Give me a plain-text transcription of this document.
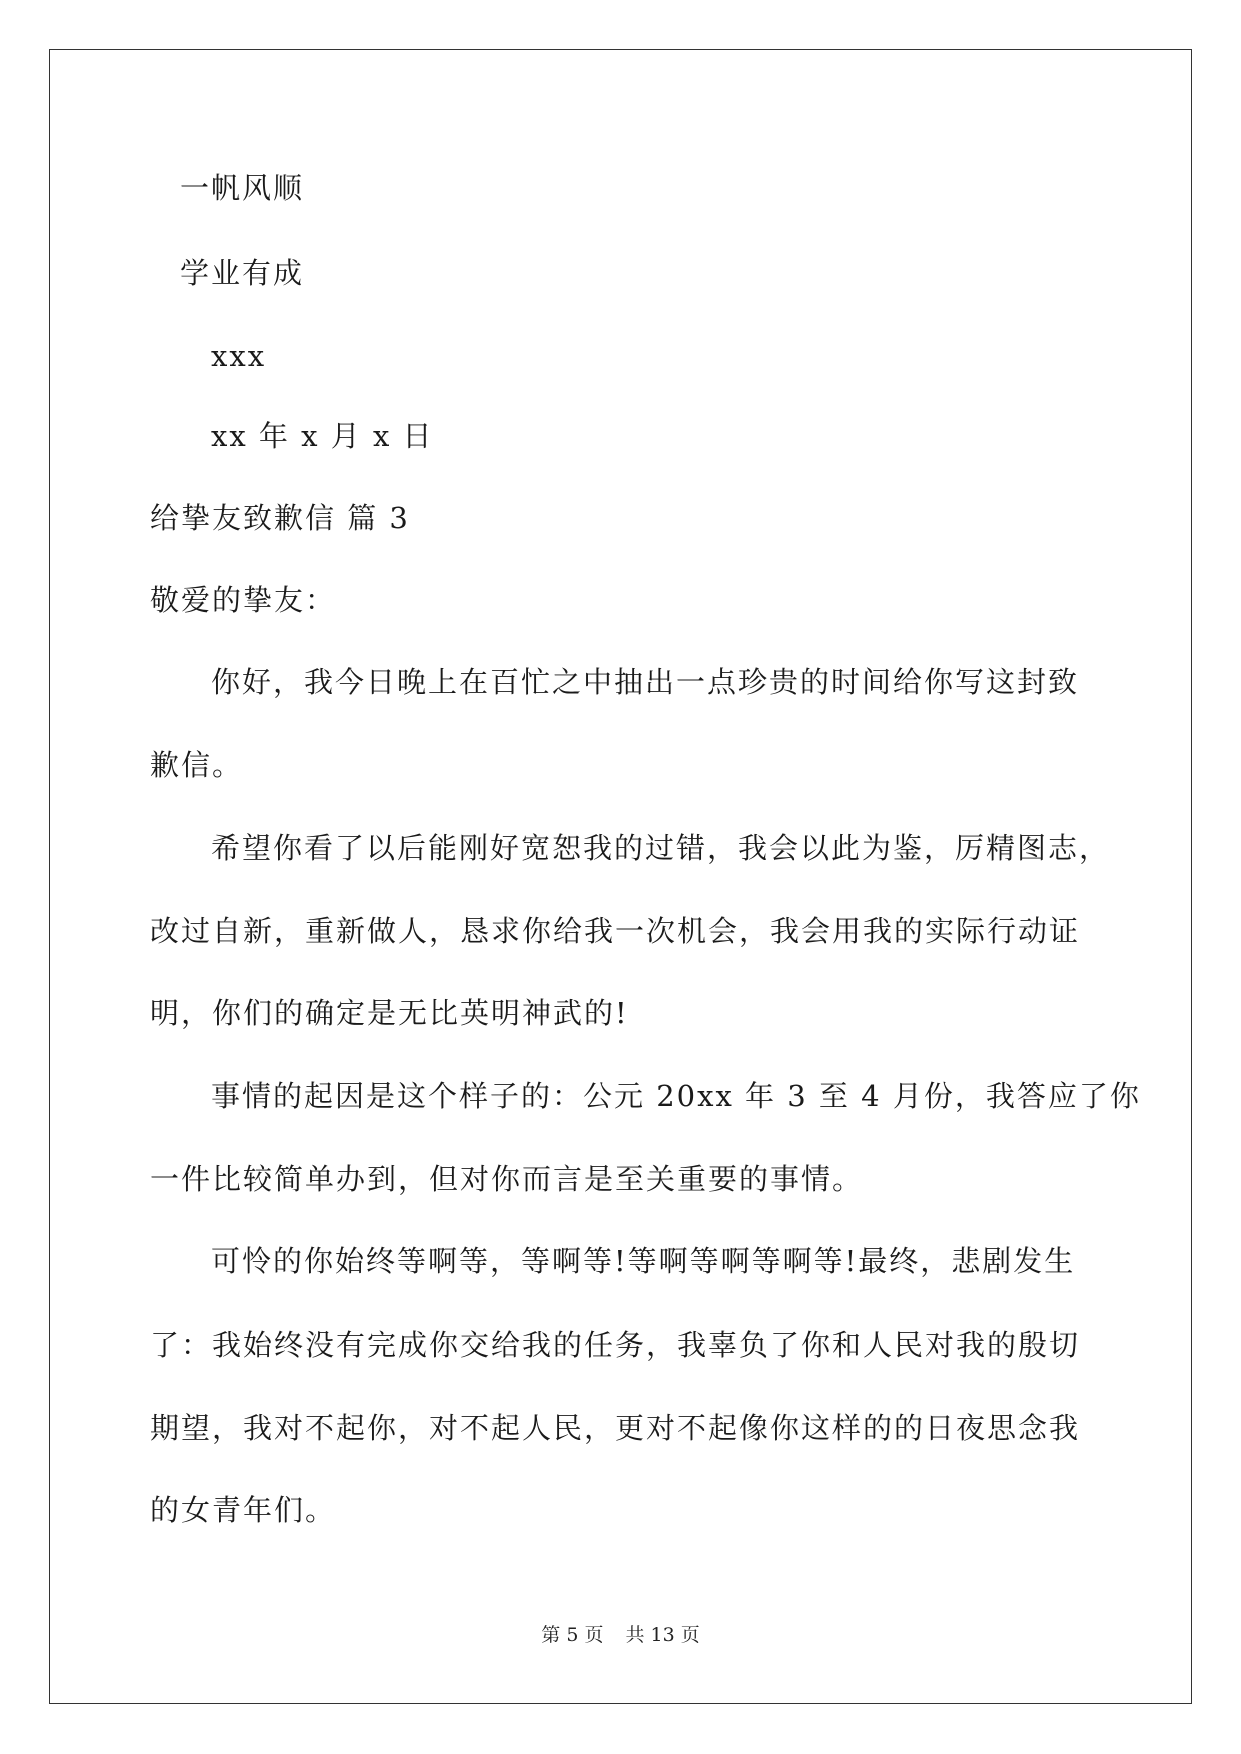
一帆风顺

学业有成

xxx

xx 年 x 月 x 日

给挚友致歉信 篇 3

敬爱的挚友：

你好，我今日晚上在百忙之中抽出一点珍贵的时间给你写这封致

歉信。

希望你看了以后能刚好宽恕我的过错，我会以此为鉴，厉精图志，

改过自新，重新做人，恳求你给我一次机会，我会用我的实际行动证

明，你们的确定是无比英明神武的!

事情的起因是这个样子的：公元 20xx 年 3 至 4 月份，我答应了你

一件比较简单办到，但对你而言是至关重要的事情。

可怜的你始终等啊等，等啊等!等啊等啊等啊等!最终，悲剧发生

了：我始终没有完成你交给我的任务，我辜负了你和人民对我的殷切

期望，我对不起你，对不起人民，更对不起像你这样的的日夜思念我

的女青年们。

第 5 页 共 13 页
